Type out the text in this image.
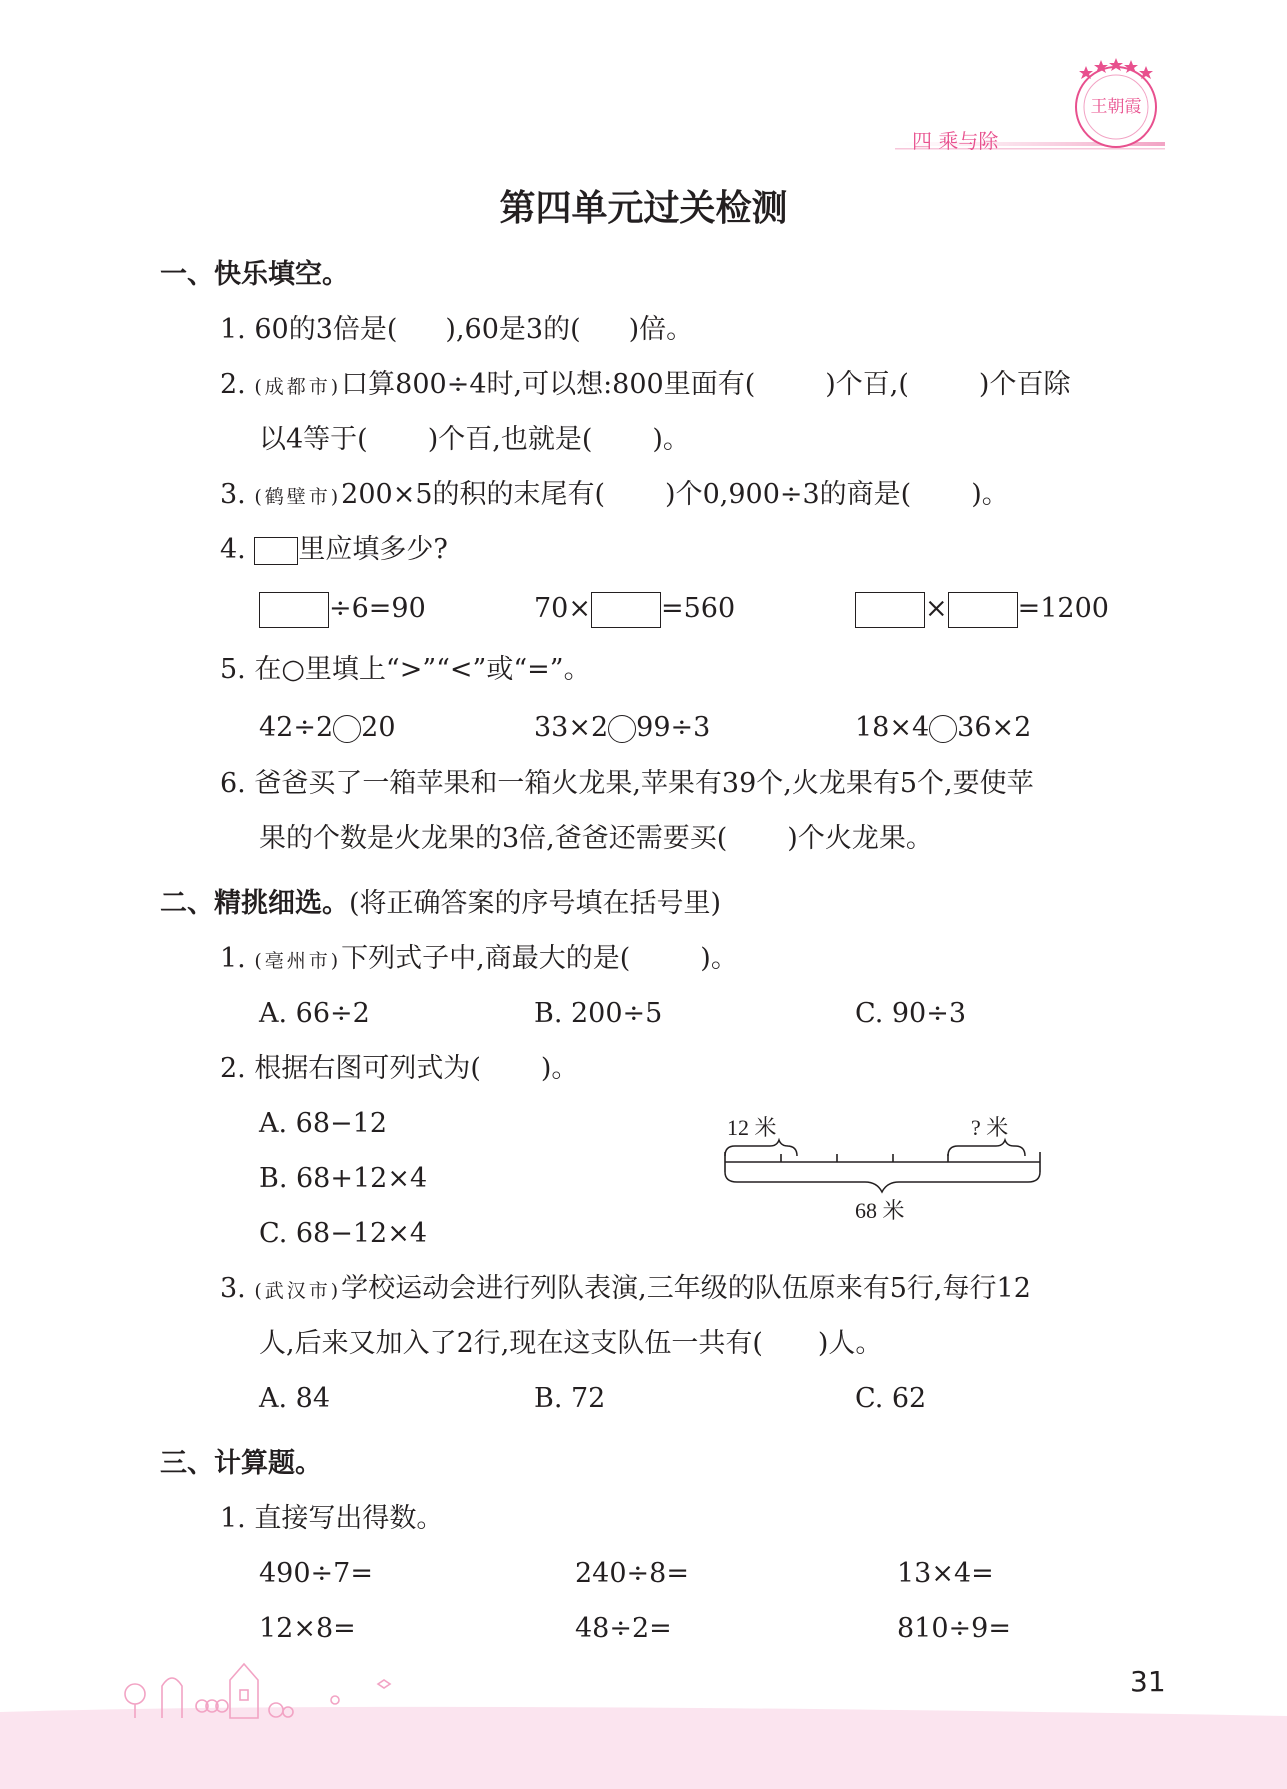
王朝霞
四 乘与除
第四单元过关检测
一、快乐填空。
1. 60的3倍是( ),60是3的( )倍。
2. (成都市)口算800÷4时,可以想:800里面有(	)个百,(	)个百除
以4等于( )个百,也就是( )。
3. (鹤壁市)200×5的积的末尾有( )个0,900÷3的商是( )。
4. 里应填多少?
÷6=90	70×	=560	×	=1200
5. 在○里填上“>”“<”或“=”。
42÷2 20	33×2 99÷3	18×4 36×2
6. 爸爸买了一箱苹果和一箱火龙果,苹果有39个,火龙果有5个,要使苹
果的个数是火龙果的3倍,爸爸还需要买( )个火龙果。
二、精挑细选。(将正确答案的序号填在括号里)
1. (亳州市)下列式子中,商最大的是(	)。
A. 66÷2	B. 200÷5	C. 90÷3
2. 根据右图可列式为( )。
A. 68−12
B. 68+12×4
C. 68−12×4
12 米	? 米
68 米
3. (武汉市)学校运动会进行列队表演,三年级的队伍原来有5行,每行12
人,后来又加入了2行,现在这支队伍一共有( )人。
A. 84	B. 72	C. 62
三、计算题。
1. 直接写出得数。
490÷7=	240÷8=	13×4=
12×8=	48÷2=	810÷9=
31
